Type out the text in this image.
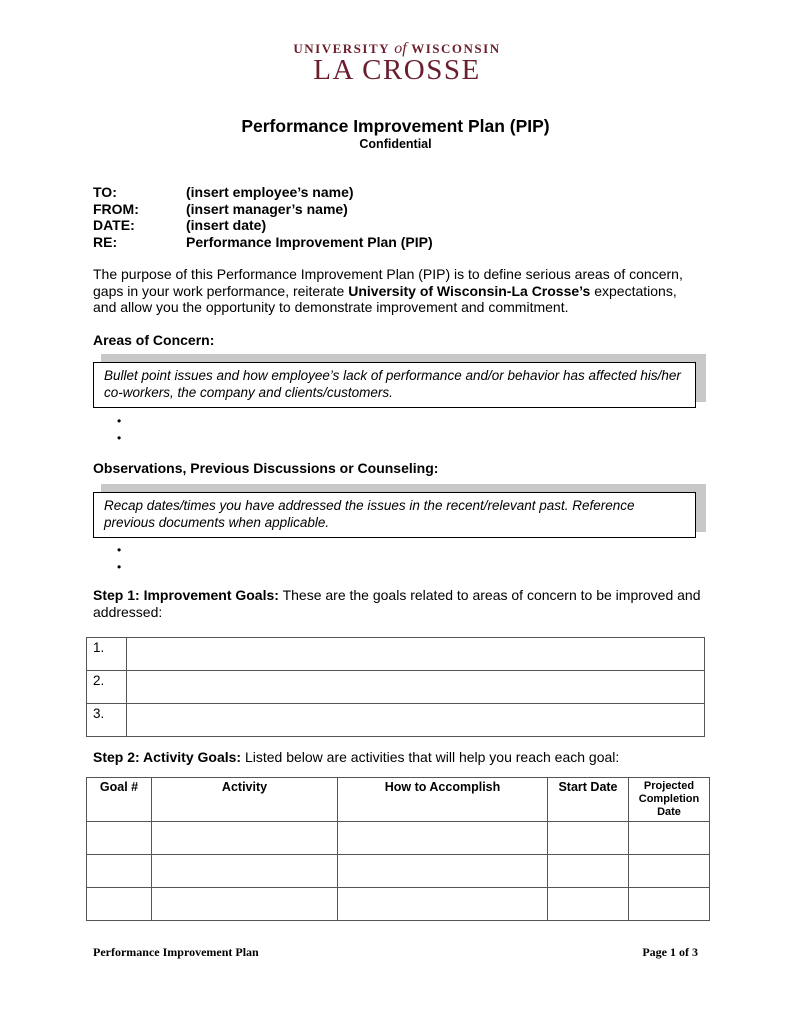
UNIVERSITY of WISCONSIN
LA CROSSE
Performance Improvement Plan (PIP)
Confidential
TO:	(insert employee’s name)
FROM:	(insert manager’s name)
DATE:	(insert date)
RE:	Performance Improvement Plan (PIP)
The purpose of this Performance Improvement Plan (PIP) is to define serious areas of concern, gaps in your work performance, reiterate University of Wisconsin-La Crosse’s expectations, and allow you the opportunity to demonstrate improvement and commitment.
Areas of Concern:
Bullet point issues and how employee’s lack of performance and/or behavior has affected his/her co-workers, the company and clients/customers.
•
•
Observations, Previous Discussions or Counseling:
Recap dates/times you have addressed the issues in the recent/relevant past. Reference previous documents when applicable.
•
•
Step 1: Improvement Goals: These are the goals related to areas of concern to be improved and addressed:
1.	
2.	
3.	
Step 2: Activity Goals: Listed below are activities that will help you reach each goal:
Goal #	Activity	How to Accomplish	Start Date	Projected Completion Date

Performance Improvement Plan	Page 1 of 3
